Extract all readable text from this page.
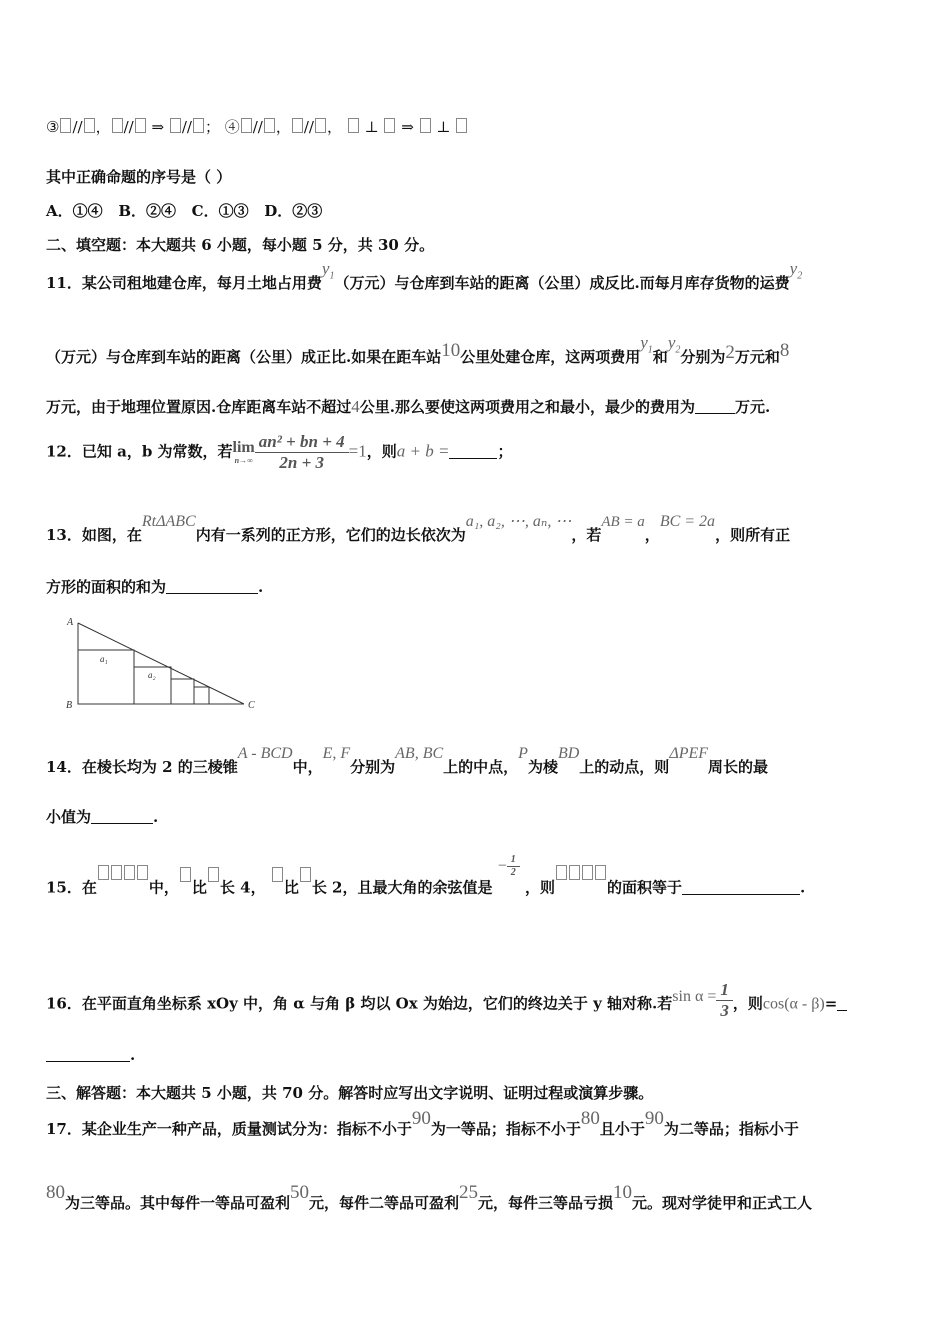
③ // ， // ⇒ // ； ④ // ， // ， ⊥ ⇒ ⊥
其中正确命题的序号是（ ）
A．①④ B．②④ C．①③ D．②③
二、填空题：本大题共 6 小题，每小题 5 分，共 30 分。
11．某公司租地建仓库，每月土地占用费$y_1$（万元）与仓库到车站的距离（公里）成反比.而每月库存货物的运费$y_2$
（万元）与仓库到车站的距离（公里）成正比.如果在距车站10公里处建仓库，这两项费用$y_1$和$y_2$分别为2万元和8
万元，由于地理位置原因.仓库距离车站不超过4公里.那么要使这两项费用之和最小，最少的费用为	万元.
12．已知 a，b 为常数，若 lim
$n\to\infty \frac{\text{an² + bn + 4}}{2n + 3} =1$，则a + b =	；
13．如图，在RtΔABC内有一系列的正方形，它们的边长依次为a₁, a₂, ⋯, aₙ, ⋯，若AB = a，BC = 2a，则所有正
方形的面积的和为	.
A
B	C
a₁
a₂
14．在棱长均为 2 的三棱锥A - BCD中，E, F分别为AB, BC上的中点，P为棱BD上的动点，则ΔPEF周长的最
小值为	.
15．在	中， 比 长 4， 比 长 2，且最大角的余弦值是 − $\frac{1}{2}$
，则	的面积等于	.
16．在平面直角坐标系 xOy 中，角 α 与角 β 均以 Ox 为始边，它们的终边关于 y 轴对称.若$\sin \alpha = \frac{1}{3}$ ，则cos(α - β)=
.
三、解答题：本大题共 5 小题，共 70 分。解答时应写出文字说明、证明过程或演算步骤。
17．某企业生产一种产品，质量测试分为：指标不小于90为一等品；指标不小于80且小于90为二等品；指标小于
80为三等品。其中每件一等品可盈利50元，每件二等品可盈利25元，每件三等品亏损10元。现对学徒甲和正式工人
